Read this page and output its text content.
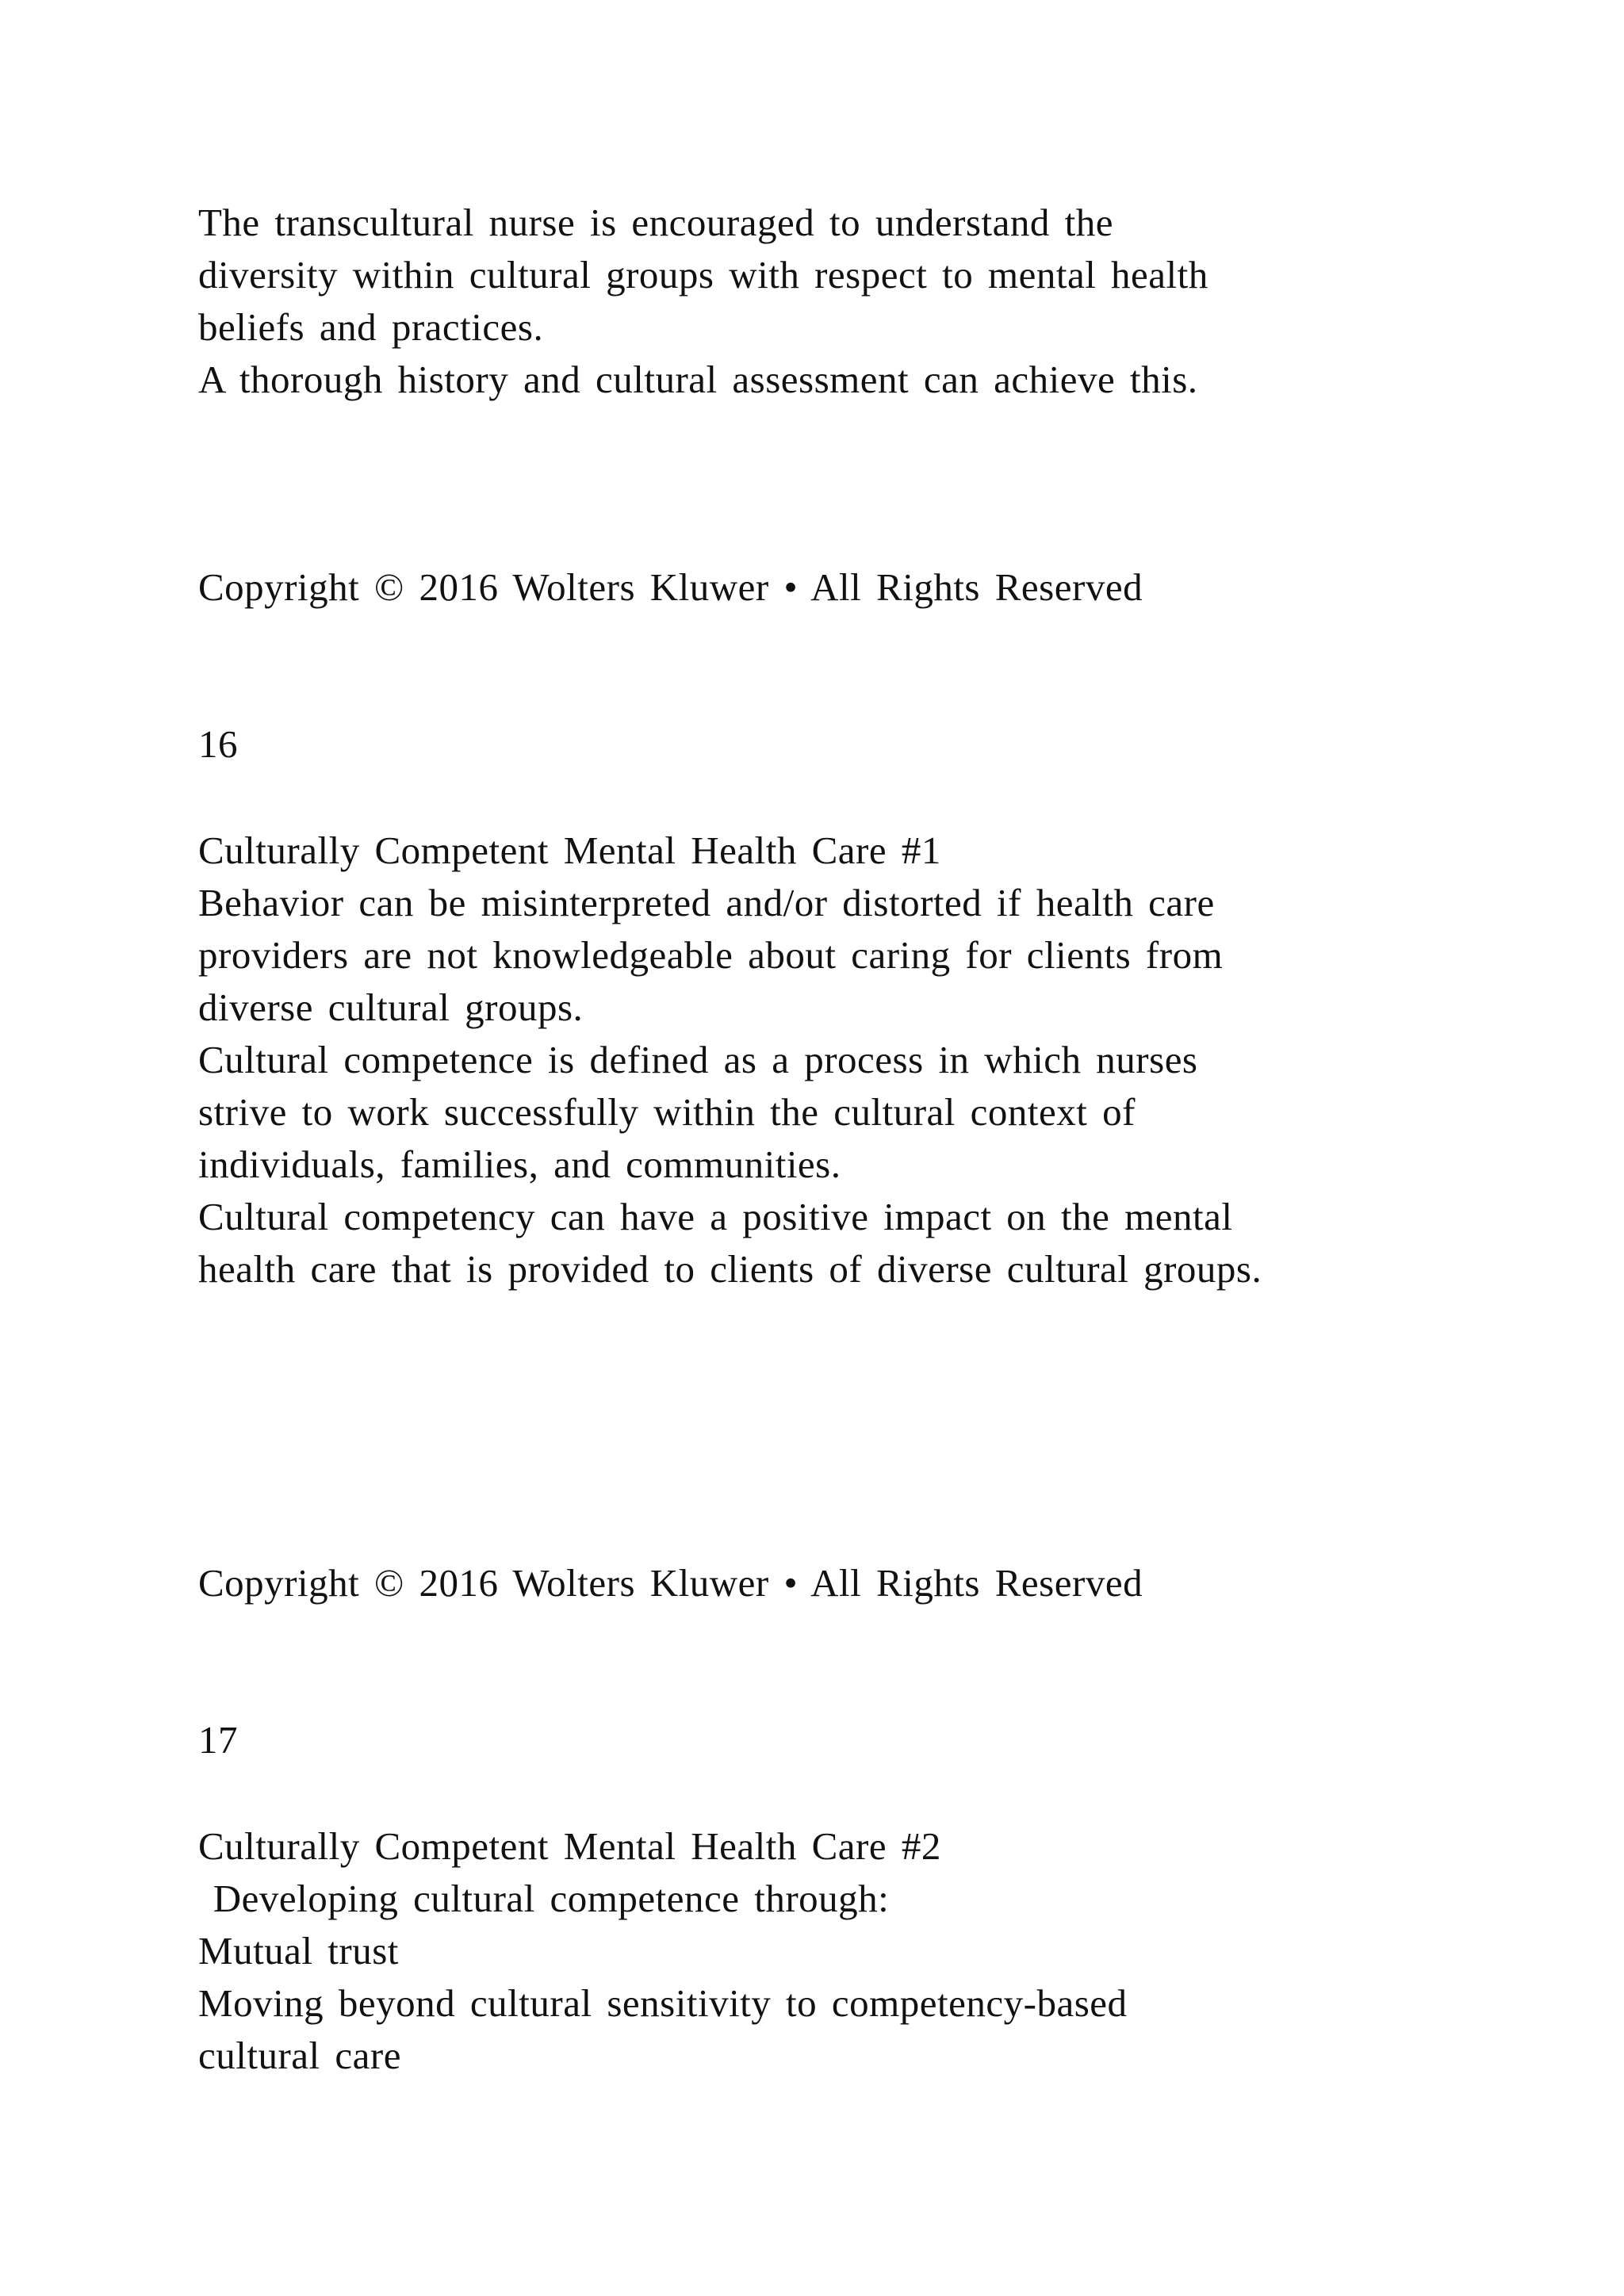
The transcultural nurse is encouraged to understand the
diversity within cultural groups with respect to mental health
beliefs and practices.
A thorough history and cultural assessment can achieve this.
Copyright © 2016 Wolters Kluwer • All Rights Reserved
16
Culturally Competent Mental Health Care #1
Behavior can be misinterpreted and/or distorted if health care
providers are not knowledgeable about caring for clients from
diverse cultural groups.
Cultural competence is defined as a process in which nurses
strive to work successfully within the cultural context of
individuals, families, and communities.
Cultural competency can have a positive impact on the mental
health care that is provided to clients of diverse cultural groups.
Copyright © 2016 Wolters Kluwer • All Rights Reserved
17
Culturally Competent Mental Health Care #2
Developing cultural competence through:
Mutual trust
Moving beyond cultural sensitivity to competency-based
cultural care
